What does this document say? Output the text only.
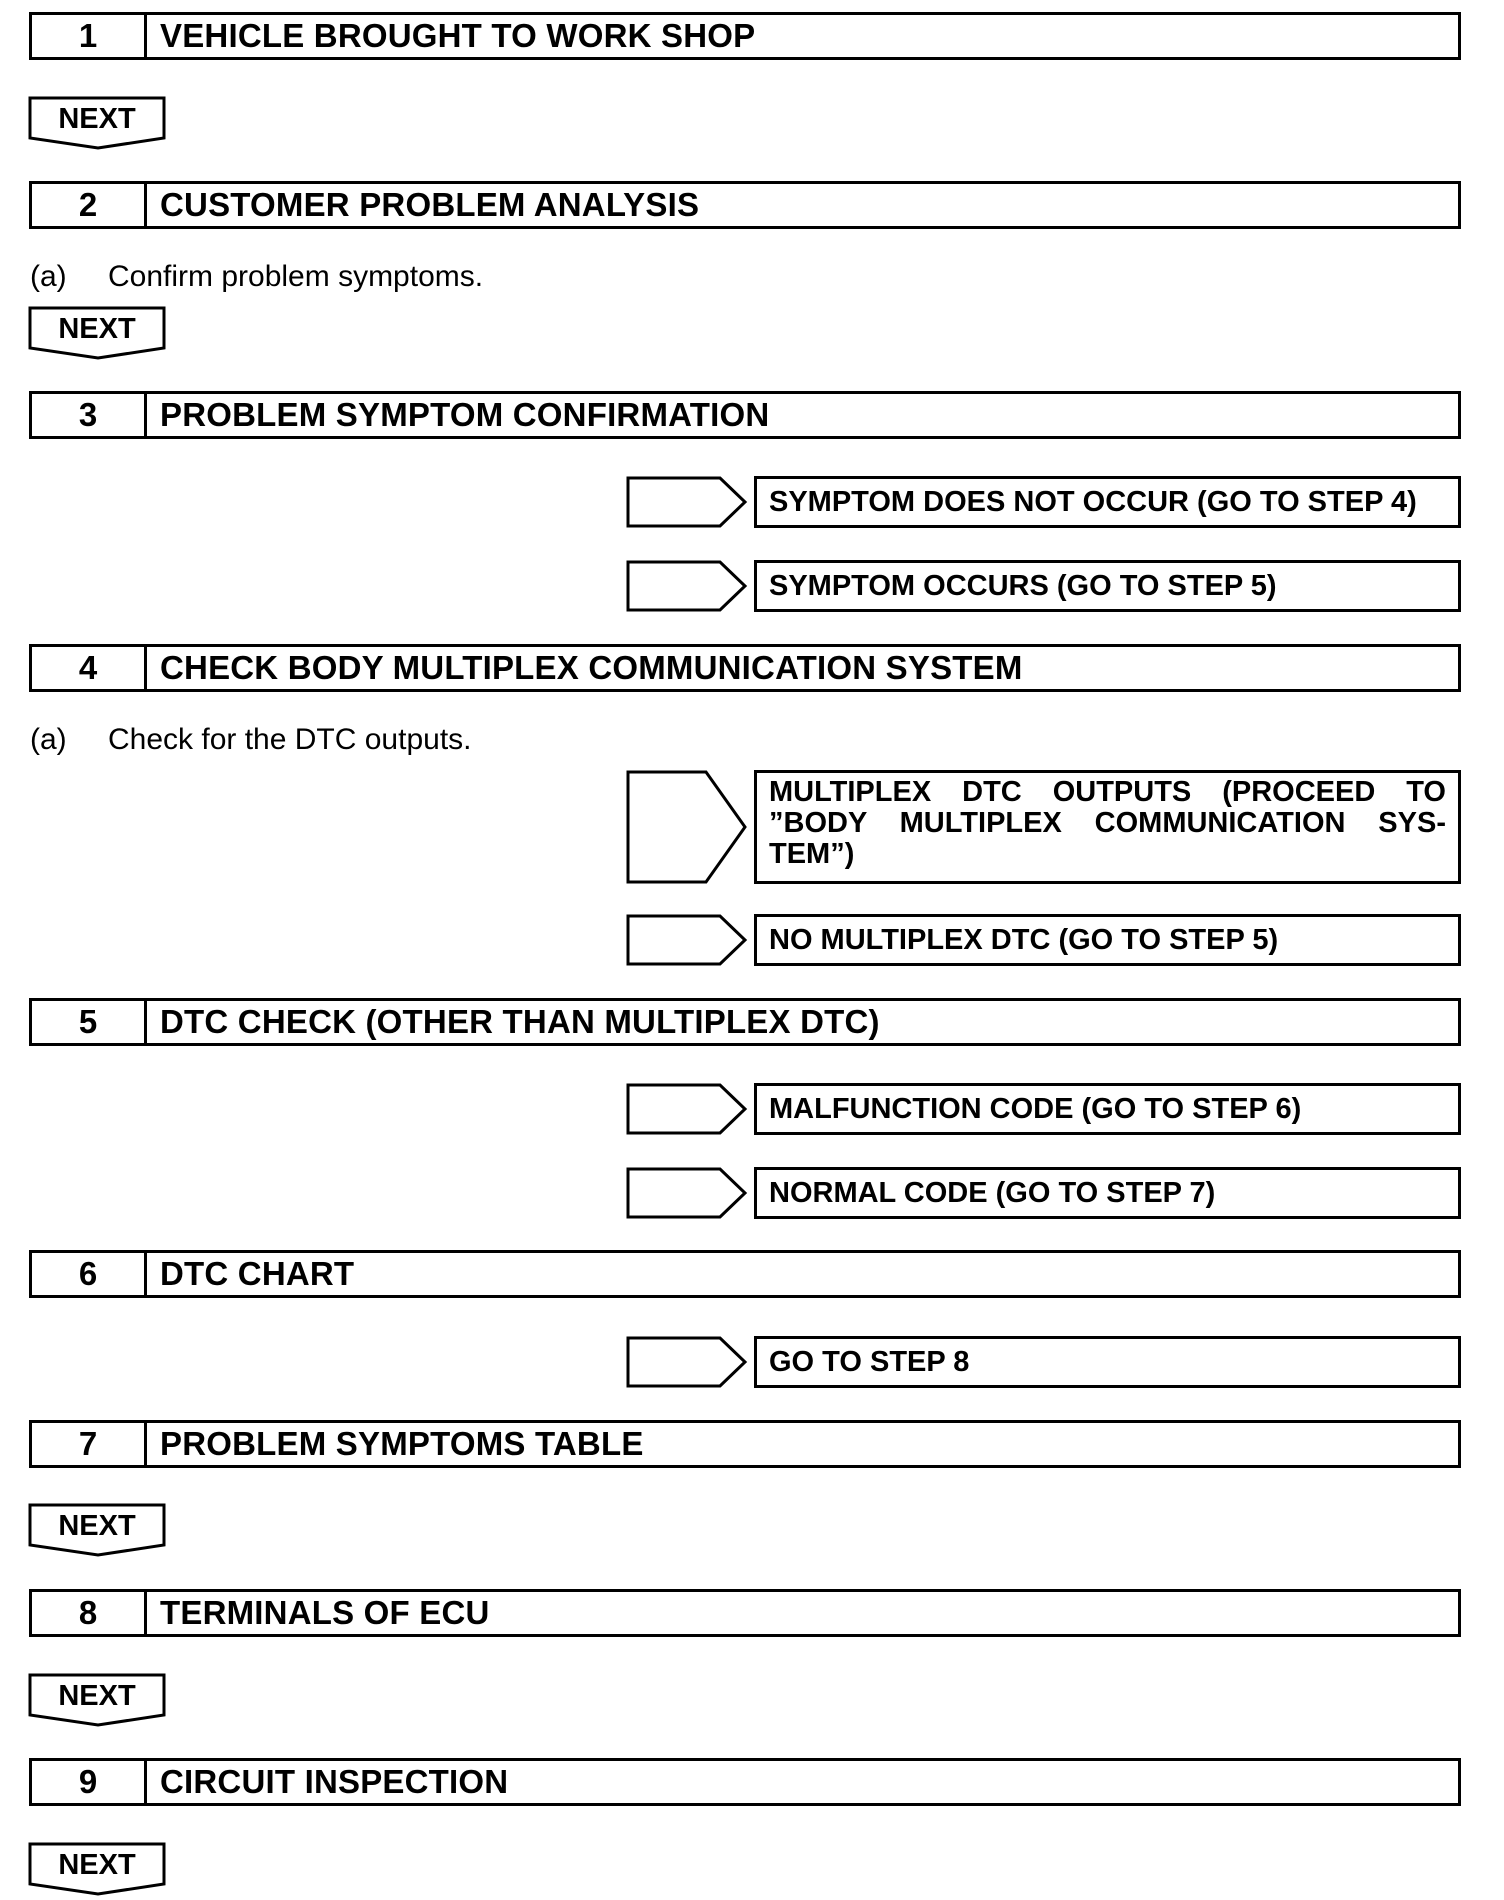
1	VEHICLE BROUGHT TO WORK SHOP
NEXT
2	CUSTOMER PROBLEM ANALYSIS
(a) Confirm problem symptoms.
NEXT
3	PROBLEM SYMPTOM CONFIRMATION
SYMPTOM DOES NOT OCCUR (GO TO STEP 4)
SYMPTOM OCCURS (GO TO STEP 5)
4	CHECK BODY MULTIPLEX COMMUNICATION SYSTEM
(a) Check for the DTC outputs.
MULTIPLEX DTC OUTPUTS (PROCEED TO ”BODY MULTIPLEX COMMUNICATION SYS- TEM”)
NO MULTIPLEX DTC (GO TO STEP 5)
5	DTC CHECK (OTHER THAN MULTIPLEX DTC)
MALFUNCTION CODE (GO TO STEP 6)
NORMAL CODE (GO TO STEP 7)
6	DTC CHART
GO TO STEP 8
7	PROBLEM SYMPTOMS TABLE
NEXT
8	TERMINALS OF ECU
NEXT
9	CIRCUIT INSPECTION
NEXT
